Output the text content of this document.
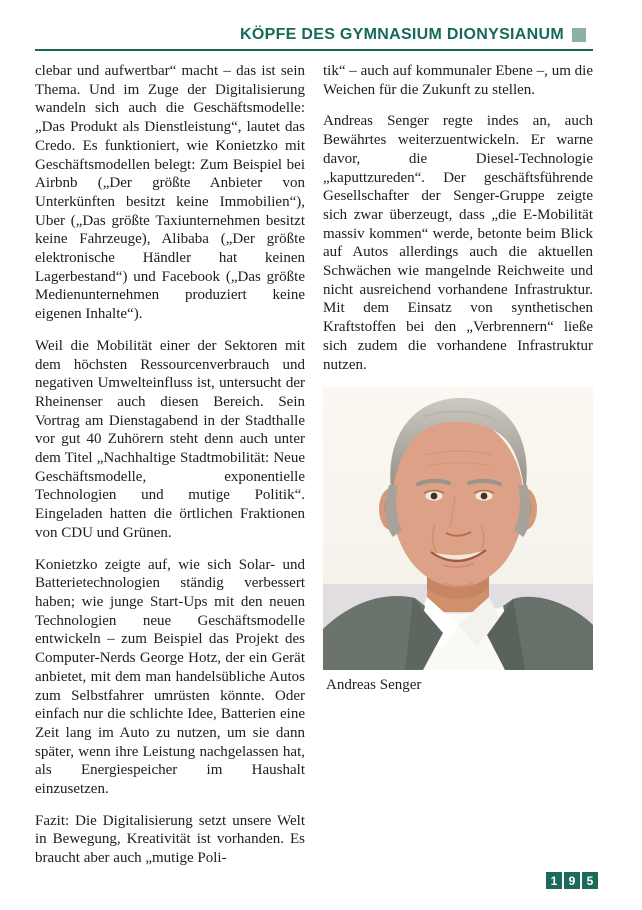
KÖPFE DES GYMNASIUM DIONYSIANUM

clebar und aufwertbar“ macht – das ist sein Thema. Und im Zuge der Digitalisierung wandeln sich auch die Geschäftsmodelle: „Das Produkt als Dienstleistung“, lautet das Credo. Es funktioniert, wie Konietzko mit Geschäftsmodellen belegt: Zum Beispiel bei Airbnb („Der größte Anbieter von Unterkünften besitzt keine Immobilien“), Uber („Das größte Taxiunternehmen besitzt keine Fahrzeuge), Alibaba („Der größte elektronische Händler hat keinen Lagerbestand“) und Facebook („Das größte Medienunternehmen produziert keine eigenen Inhalte“).

Weil die Mobilität einer der Sektoren mit dem höchsten Ressourcenverbrauch und negativen Umwelteinfluss ist, untersucht der Rheinenser auch diesen Bereich. Sein Vortrag am Dienstagabend in der Stadthalle vor gut 40 Zuhörern steht denn auch unter dem Titel „Nachhaltige Stadtmobilität: Neue Geschäftsmodelle, exponentielle Technologien und mutige Politik“. Eingeladen hatten die örtlichen Fraktionen von CDU und Grünen.

Konietzko zeigte auf, wie sich Solar- und Batterietechnologien ständig verbessert haben; wie junge Start-Ups mit den neuen Technologien neue Geschäftsmodelle entwickeln – zum Beispiel das Projekt des Computer-Nerds George Hotz, der ein Gerät anbietet, mit dem man handelsübliche Autos zum Selbstfahrer umrüsten könnte. Oder einfach nur die schlichte Idee, Batterien eine Zeit lang im Auto zu nutzen, um sie dann später, wenn ihre Leistung nachgelassen hat, als Energiespeicher im Haushalt einzusetzen.

Fazit: Die Digitalisierung setzt unsere Welt in Bewegung, Kreativität ist vorhanden. Es braucht aber auch „mutige Poli-

tik“ – auch auf kommunaler Ebene –, um die Weichen für die Zukunft zu stellen.

Andreas Senger regte indes an, auch Bewährtes weiterzuentwickeln. Er warne davor, die Diesel-Technologie „kaputtzureden“. Der geschäftsführende Gesellschafter der Senger-Gruppe zeigte sich zwar überzeugt, dass „die E-Mobilität massiv kommen“ werde, betonte beim Blick auf Autos allerdings auch die aktuellen Schwächen wie mangelnde Reichweite und nicht ausreichend vorhandene Infrastruktur. Mit dem Einsatz von synthetischen Kraftstoffen bei den „Verbrennern“ ließe sich zudem die vorhandene Infrastruktur nutzen.

Andreas Senger
1 9 5
